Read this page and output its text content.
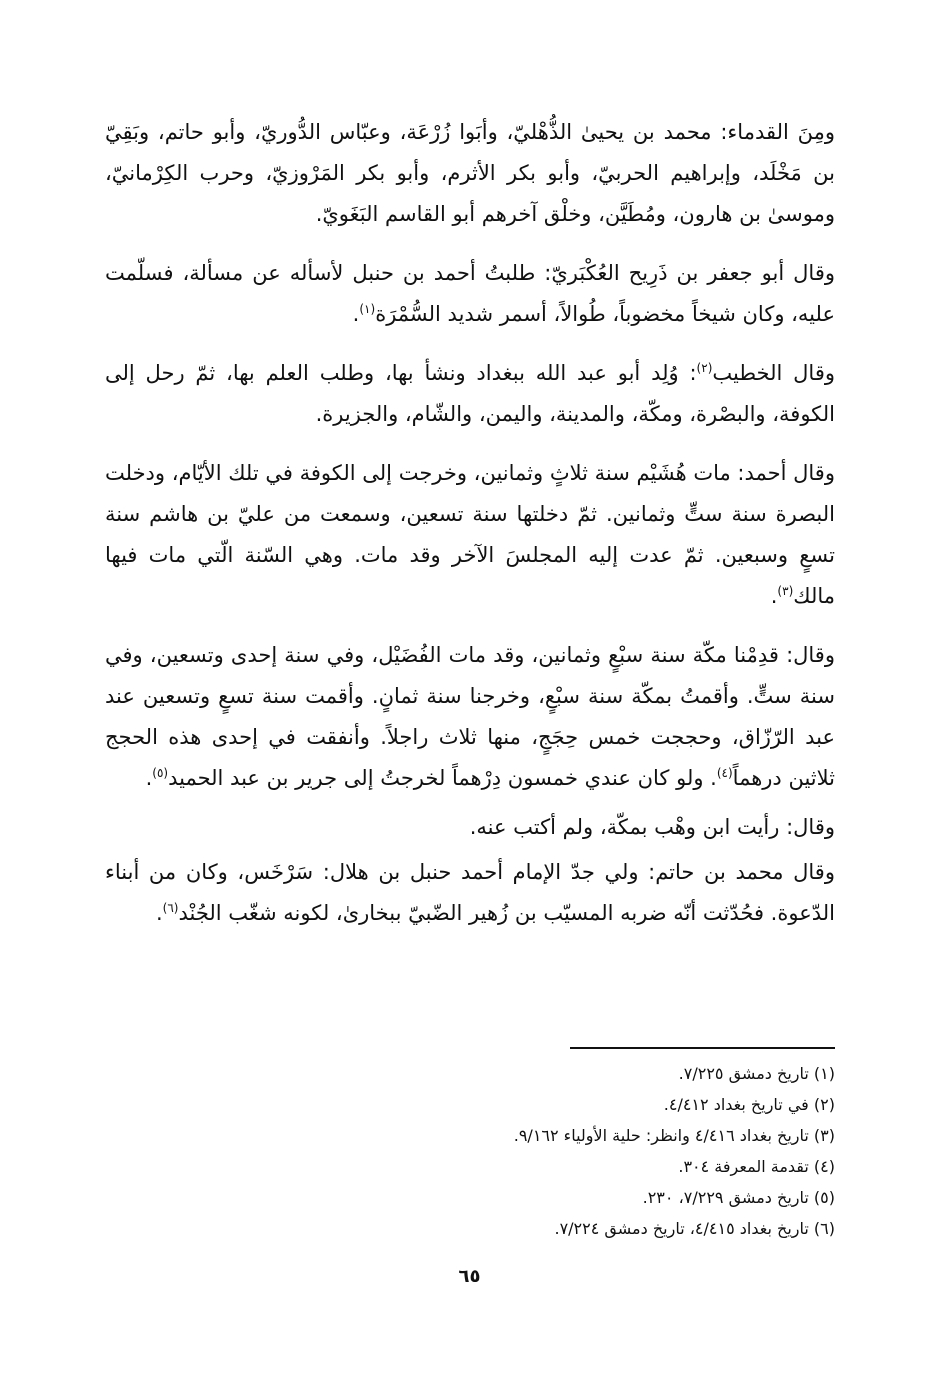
ومِنَ القدماء: محمد بن يحيىٰ الذُّهْليّ، وأبَوا زُرْعَة، وعبّاس الدُّوريّ، وأبو حاتم، وبَقِيّ بن مَخْلَد، وإبراهيم الحربيّ، وأبو بكر الأثرم، وأبو بكر المَرْوزيّ، وحرب الكِرْمانيّ، وموسىٰ بن هارون، ومُطَيَّن، وخلْق آخرهم أبو القاسم البَغَويّ.

وقال أبو جعفر بن ذَرِيح العُكْبَريّ: طلبتُ أحمد بن حنبل لأسأله عن مسألة، فسلّمت عليه، وكان شيخاً مخضوباً، طُوالاً، أسمر شديد السُّمْرَة$^{(١)}$.

وقال الخطيب$^{(٢)}$: وُلِد أبو عبد الله ببغداد ونشأ بها، وطلب العلم بها، ثمّ رحل إلى الكوفة، والبصْرة، ومكّة، والمدينة، واليمن، والشّام، والجزيرة.

وقال أحمد: مات هُشَيْم سنة ثلاثٍ وثمانين، وخرجت إلى الكوفة في تلك الأيّام، ودخلت البصرة سنة ستٍّ وثمانين. ثمّ دخلتها سنة تسعين، وسمعت من عليّ بن هاشم سنة تسعٍ وسبعين. ثمّ عدت إليه المجلسَ الآخر وقد مات. وهي السّنة الّتي مات فيها مالك$^{(٣)}$.

وقال: قدِمْنا مكّة سنة سبْعٍ وثمانين، وقد مات الفُضَيْل، وفي سنة إحدى وتسعين، وفي سنة ستٍّ. وأقمتُ بمكّة سنة سبْعٍ، وخرجنا سنة ثمانٍ. وأقمت سنة تسعٍ وتسعين عند عبد الرّزّاق، وحججت خمس حِجَجٍ، منها ثلاث راجلاً. وأنفقت في إحدى هذه الحجج ثلاثين درهماً$^{(٤)}$. ولو كان عندي خمسون دِرْهماً لخرجتُ إلى جرير بن عبد الحميد$^{(٥)}$.

وقال: رأيت ابن وهْب بمكّة، ولم أكتب عنه.

وقال محمد بن حاتم: ولي جدّ الإمام أحمد حنبل بن هلال: سَرْخَس، وكان من أبناء الدّعوة. فحُدّثت أنّه ضربه المسيّب بن زُهير الضّبيّ ببخارىٰ، لكونه شغّب الجُنْد$^{(٦)}$.

(١) تاريخ دمشق ٧/٢٢٥.
(٢) في تاريخ بغداد ٤/٤١٢.
(٣) تاريخ بغداد ٤/٤١٦ وانظر: حلية الأولياء ٩/١٦٢.
(٤) تقدمة المعرفة ٣٠٤.
(٥) تاريخ دمشق ٧/٢٢٩، ٢٣٠.
(٦) تاريخ بغداد ٤/٤١٥، تاريخ دمشق ٧/٢٢٤.
٦٥
